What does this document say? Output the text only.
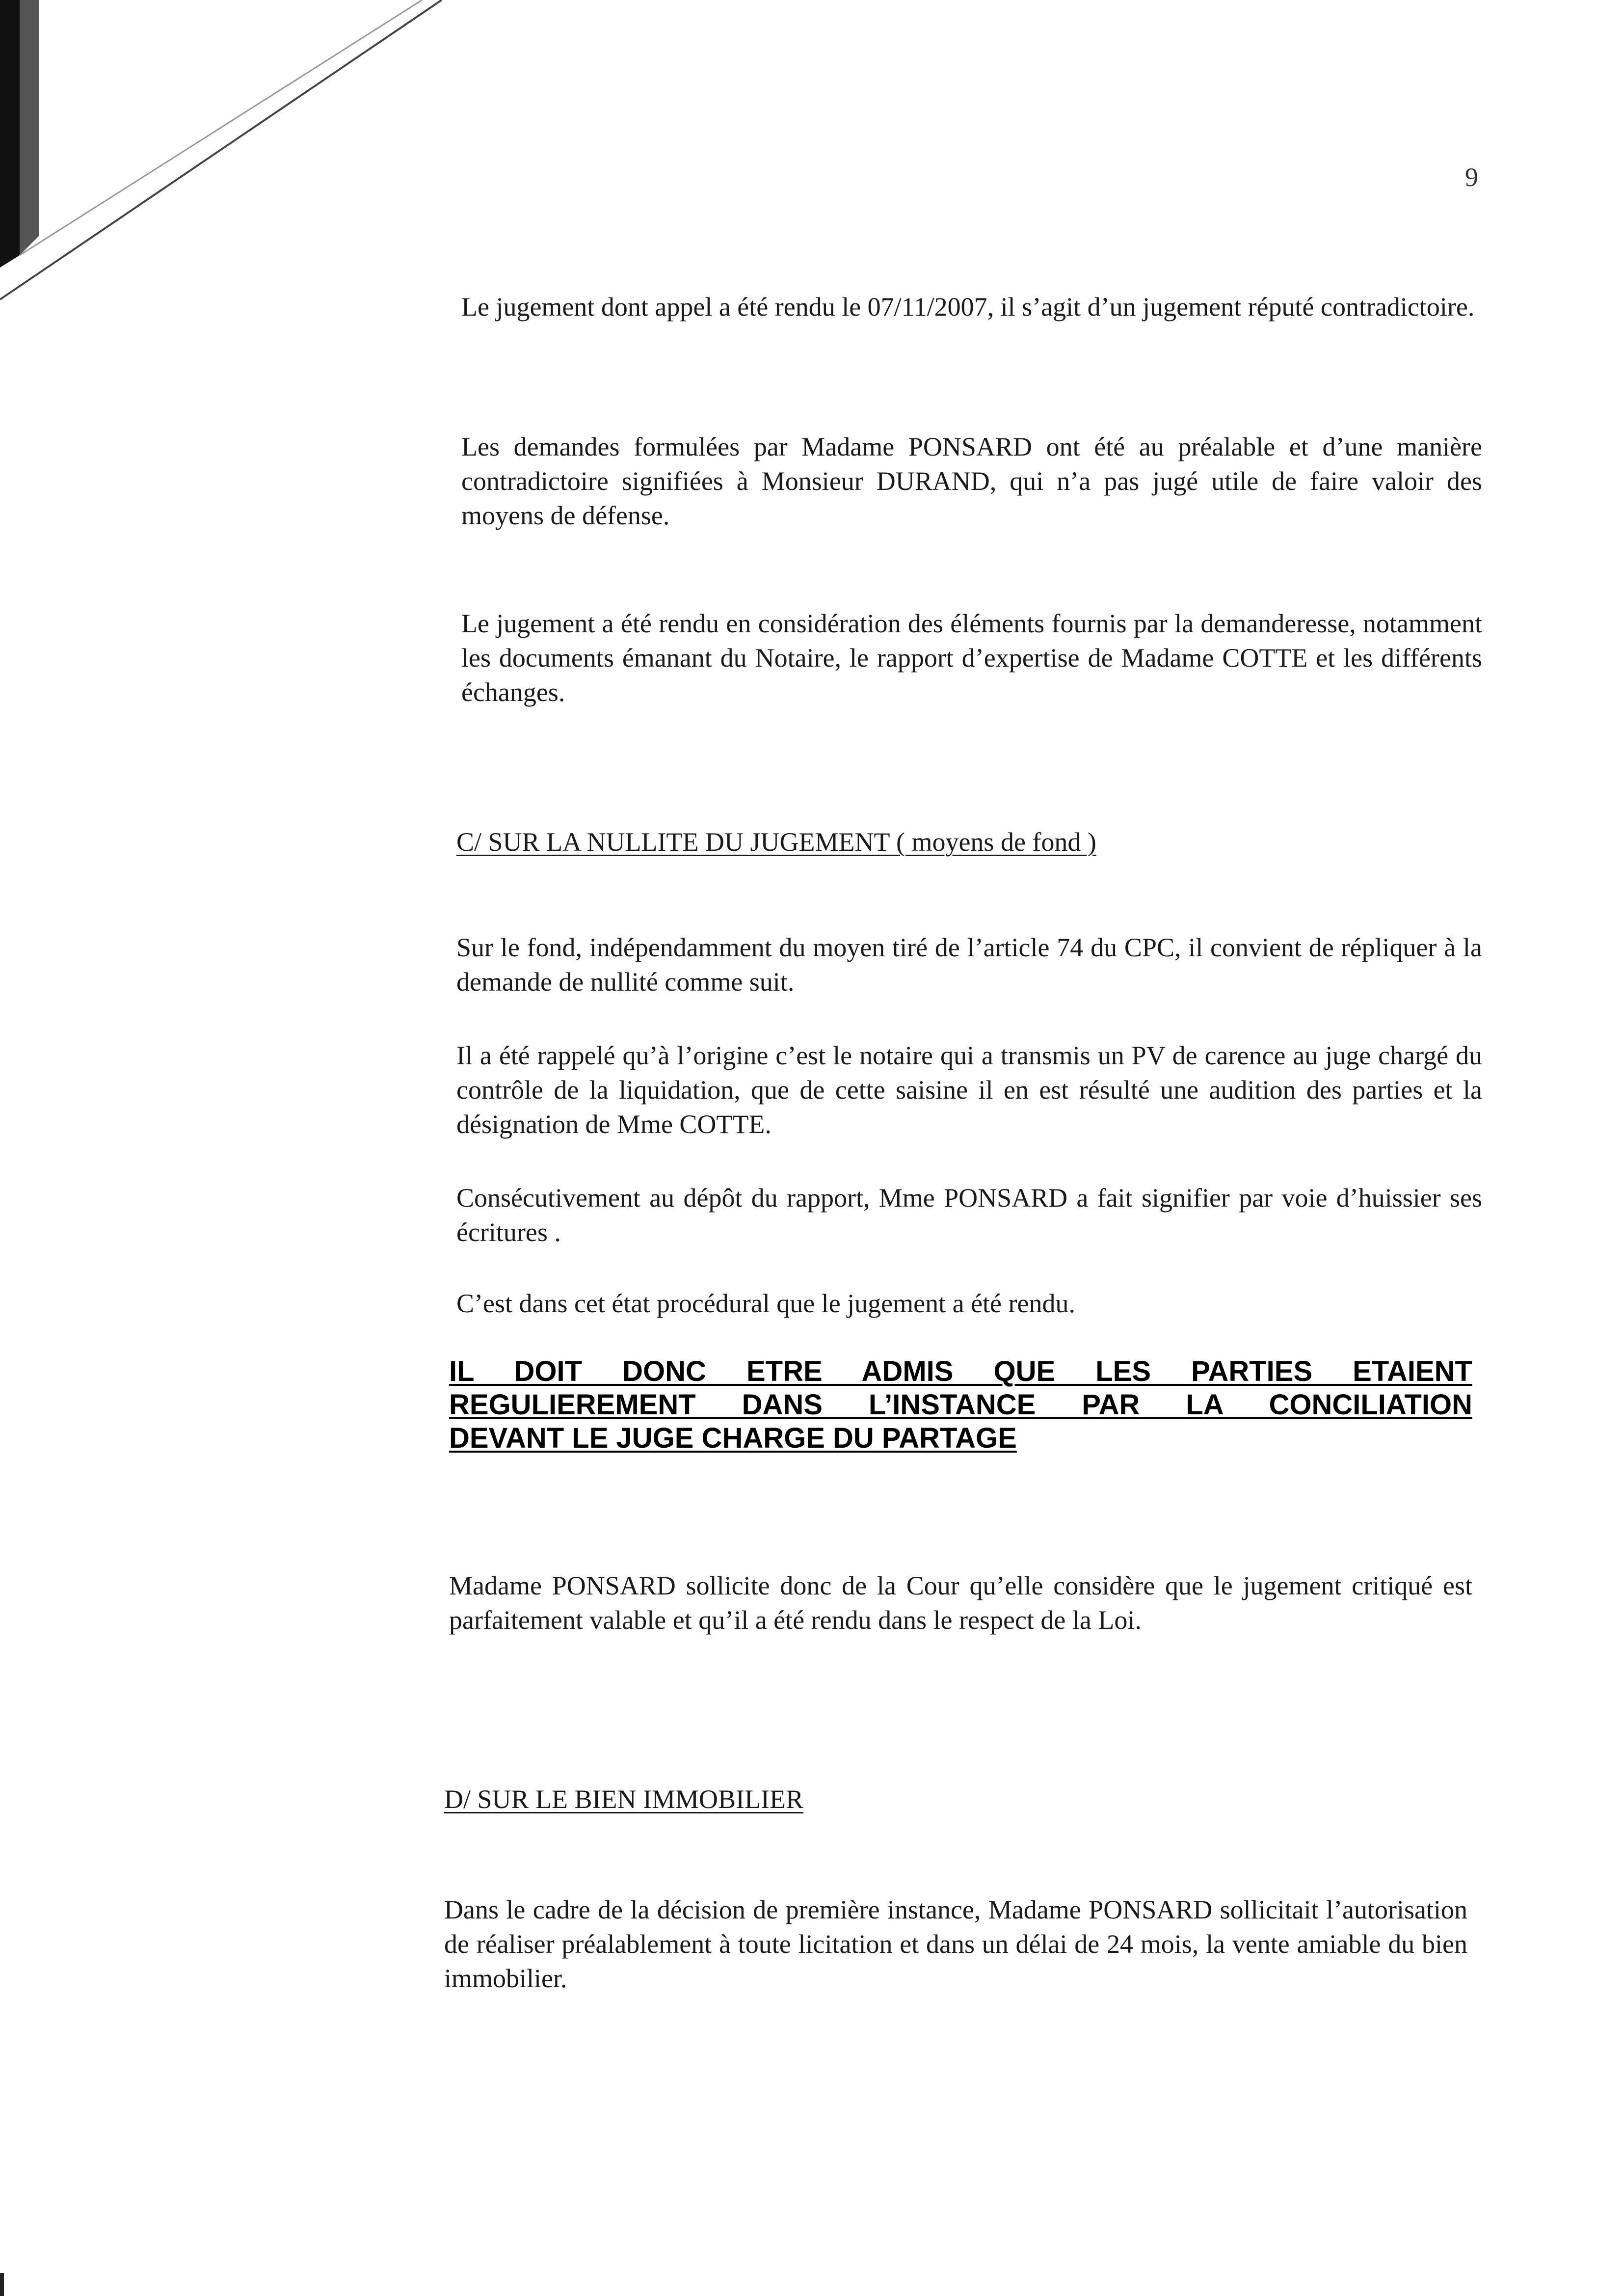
9

Le jugement dont appel a été rendu le 07/11/2007, il s’agit d’un jugement réputé contradictoire.

Les demandes formulées par Madame PONSARD ont été au préalable et d’une manière contradictoire signifiées à Monsieur DURAND, qui n’a pas jugé utile de faire valoir des moyens de défense.

Le jugement a été rendu en considération des éléments fournis par la demanderesse, notamment les documents émanant du Notaire, le rapport d’expertise de Madame COTTE et les différents échanges.

C/ SUR LA NULLITE DU JUGEMENT ( moyens de fond )

Sur le fond, indépendamment du moyen tiré de l’article 74 du CPC, il convient de répliquer à la demande de nullité comme suit.

Il a été rappelé qu’à l’origine c’est le notaire qui a transmis un PV de carence au juge chargé du contrôle de la liquidation, que de cette saisine il en est résulté une audition des parties et la désignation de Mme COTTE.

Consécutivement au dépôt du rapport, Mme PONSARD a fait signifier par voie d’huissier ses écritures .

C’est dans cet état procédural que le jugement a été rendu.

IL DOIT DONC ETRE ADMIS QUE LES PARTIES ETAIENT
REGULIEREMENT DANS L’INSTANCE PAR LA CONCILIATION
DEVANT LE JUGE CHARGE DU PARTAGE

Madame PONSARD sollicite donc de la Cour qu’elle considère que le jugement critiqué est parfaitement valable et qu’il a été rendu dans le respect de la Loi.

D/ SUR LE BIEN IMMOBILIER

Dans le cadre de la décision de première instance, Madame PONSARD sollicitait l’autorisation de réaliser préalablement à toute licitation et dans un délai de 24 mois, la vente amiable du bien immobilier.
